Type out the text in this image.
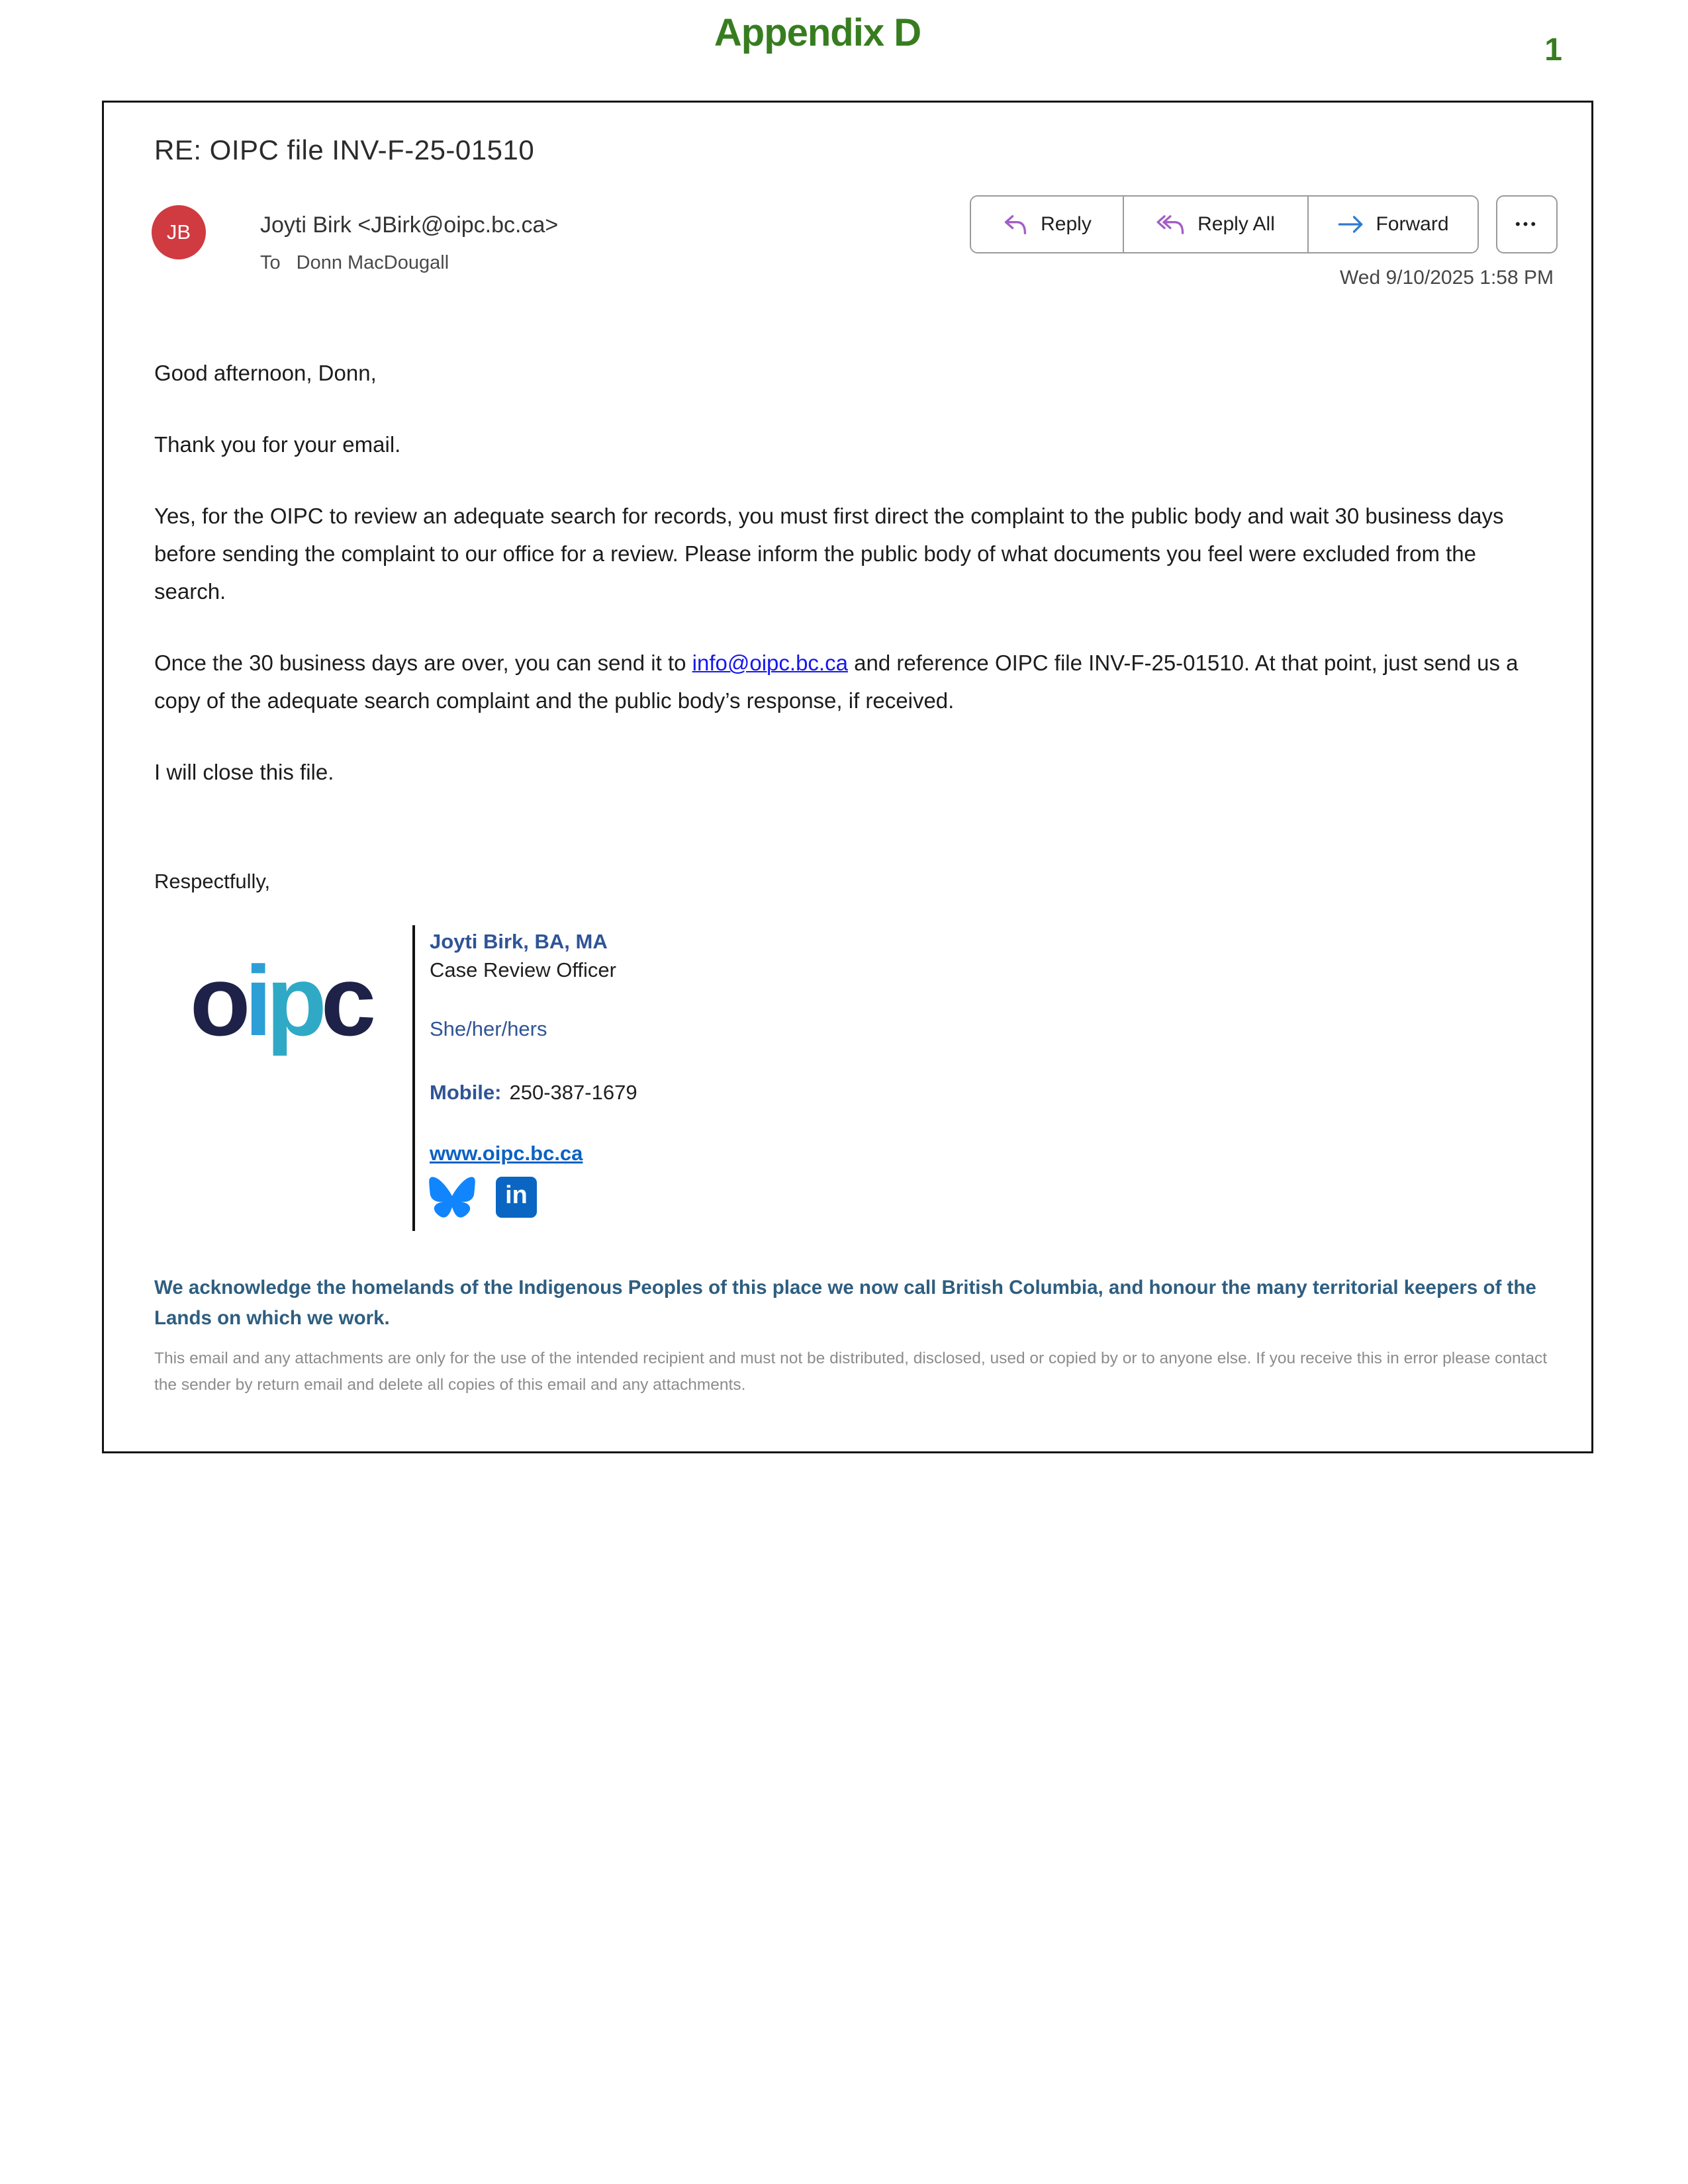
Appendix D	1
RE: OIPC file INV-F-25-01510
JB	Joyti Birk <JBirk@oipc.bc.ca>
To Donn MacDougall
Reply	Reply All	Forward	•••
Wed 9/10/2025 1:58 PM

Good afternoon, Donn,

Thank you for your email.

Yes, for the OIPC to review an adequate search for records, you must first direct the complaint to the public body and wait 30 business days before sending the complaint to our office for a review. Please inform the public body of what documents you feel were excluded from the search.

Once the 30 business days are over, you can send it to info@oipc.bc.ca and reference OIPC file INV-F-25-01510. At that point, just send us a copy of the adequate search complaint and the public body’s response, if received.

I will close this file.

Respectfully,

oipc
Joyti Birk, BA, MA
Case Review Officer
She/her/hers
Mobile: 250-387-1679
www.oipc.bc.ca
in
We acknowledge the homelands of the Indigenous Peoples of this place we now call British Columbia, and honour the many territorial keepers of the Lands on which we work.
This email and any attachments are only for the use of the intended recipient and must not be distributed, disclosed, used or copied by or to anyone else. If you receive this in error please contact the sender by return email and delete all copies of this email and any attachments.
